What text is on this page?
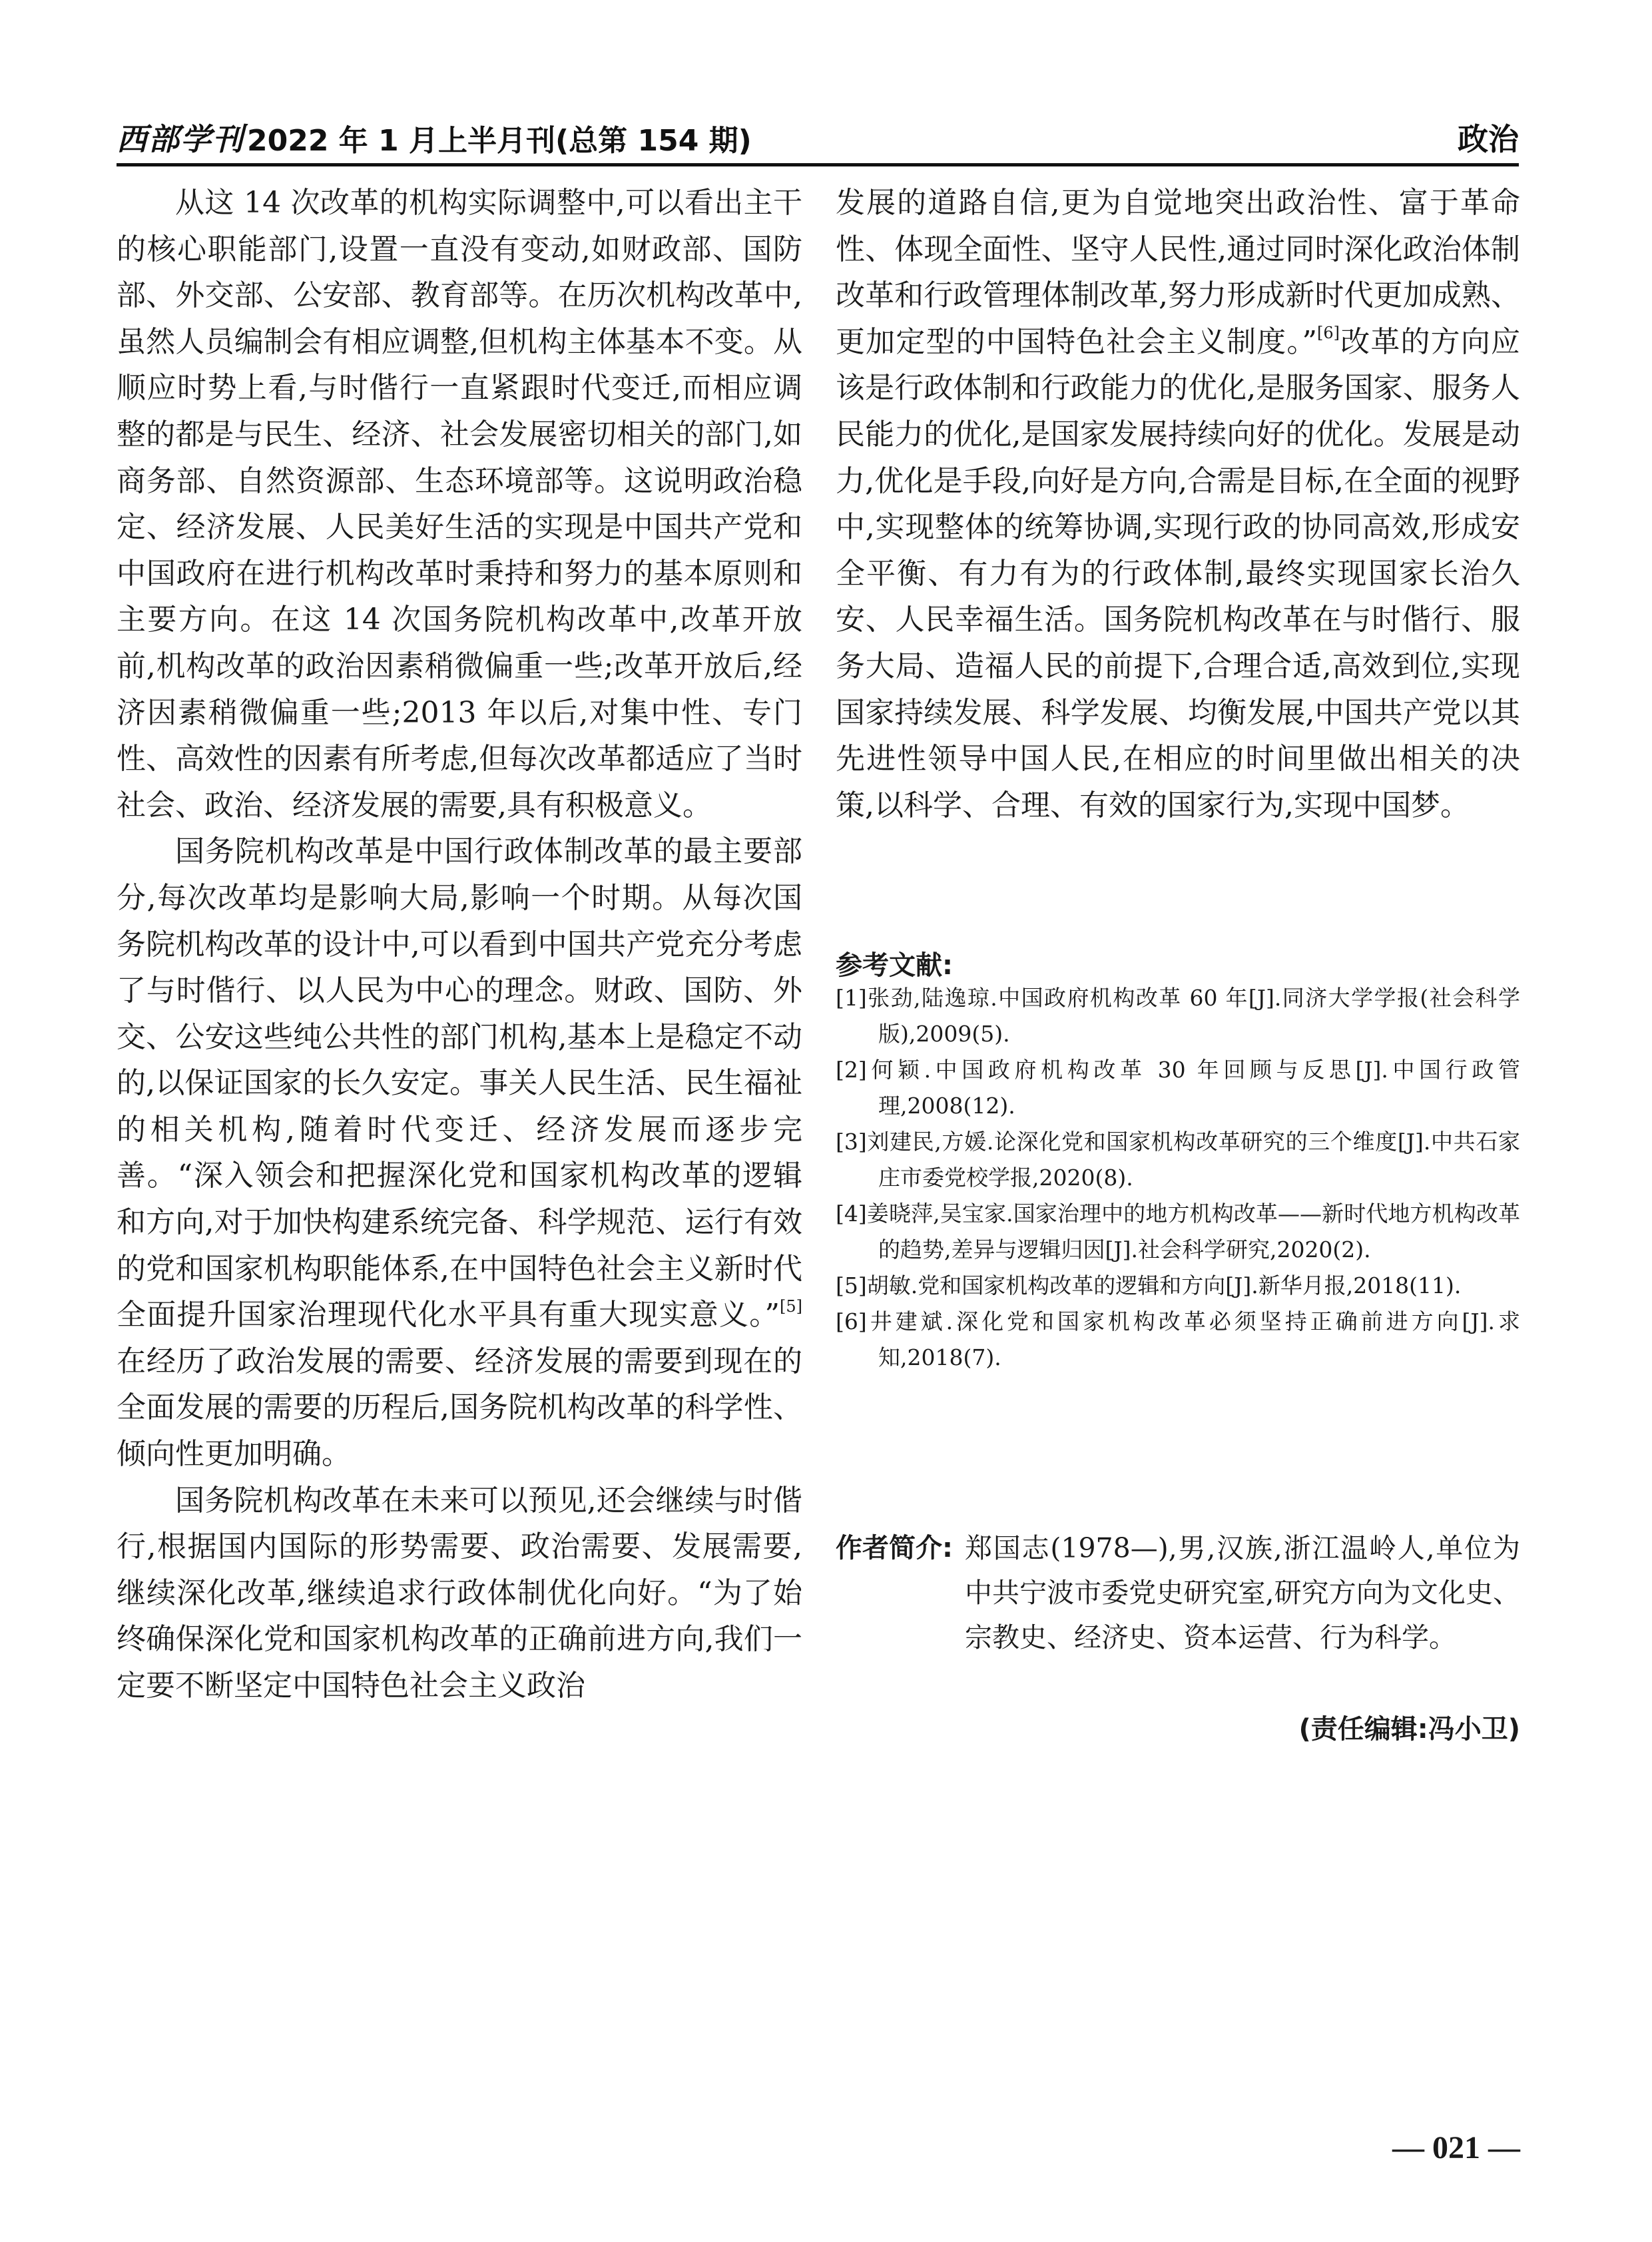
西部学刊 2022 年 1 月上半月刊(总第 154 期)	政治

从这 14 次改革的机构实际调整中,可以看出主干的核心职能部门,设置一直没有变动,如财政部、国防部、外交部、公安部、教育部等。在历次机构改革中,虽然人员编制会有相应调整,但机构主体基本不变。从顺应时势上看,与时偕行一直紧跟时代变迁,而相应调整的都是与民生、经济、社会发展密切相关的部门,如商务部、自然资源部、生态环境部等。这说明政治稳定、经济发展、人民美好生活的实现是中国共产党和中国政府在进行机构改革时秉持和努力的基本原则和主要方向。在这 14 次国务院机构改革中,改革开放前,机构改革的政治因素稍微偏重一些;改革开放后,经济因素稍微偏重一些;2013 年以后,对集中性、专门性、高效性的因素有所考虑,但每次改革都适应了当时社会、政治、经济发展的需要,具有积极意义。

国务院机构改革是中国行政体制改革的最主要部分,每次改革均是影响大局,影响一个时期。从每次国务院机构改革的设计中,可以看到中国共产党充分考虑了与时偕行、以人民为中心的理念。财政、国防、外交、公安这些纯公共性的部门机构,基本上是稳定不动的,以保证国家的长久安定。事关人民生活、民生福祉的相关机构,随着时代变迁、经济发展而逐步完善。“深入领会和把握深化党和国家机构改革的逻辑和方向,对于加快构建系统完备、科学规范、运行有效的党和国家机构职能体系,在中国特色社会主义新时代全面提升国家治理现代化水平具有重大现实意义。”[5]在经历了政治发展的需要、经济发展的需要到现在的全面发展的需要的历程后,国务院机构改革的科学性、倾向性更加明确。

国务院机构改革在未来可以预见,还会继续与时偕行,根据国内国际的形势需要、政治需要、发展需要,继续深化改革,继续追求行政体制优化向好。“为了始终确保深化党和国家机构改革的正确前进方向,我们一定要不断坚定中国特色社会主义政治

发展的道路自信,更为自觉地突出政治性、富于革命性、体现全面性、坚守人民性,通过同时深化政治体制改革和行政管理体制改革,努力形成新时代更加成熟、更加定型的中国特色社会主义制度。”[6]改革的方向应该是行政体制和行政能力的优化,是服务国家、服务人民能力的优化,是国家发展持续向好的优化。发展是动力,优化是手段,向好是方向,合需是目标,在全面的视野中,实现整体的统筹协调,实现行政的协同高效,形成安全平衡、有力有为的行政体制,最终实现国家长治久安、人民幸福生活。国务院机构改革在与时偕行、服务大局、造福人民的前提下,合理合适,高效到位,实现国家持续发展、科学发展、均衡发展,中国共产党以其先进性领导中国人民,在相应的时间里做出相关的决策,以科学、合理、有效的国家行为,实现中国梦。

参考文献:

[1]张劲,陆逸琼.中国政府机构改革 60 年[J].同济大学学报(社会科学版),2009(5).

[2]何颖.中国政府机构改革 30 年回顾与反思[J].中国行政管理,2008(12).

[3]刘建民,方媛.论深化党和国家机构改革研究的三个维度[J].中共石家庄市委党校学报,2020(8).

[4]姜晓萍,吴宝家.国家治理中的地方机构改革——新时代地方机构改革的趋势,差异与逻辑归因[J].社会科学研究,2020(2).

[5]胡敏.党和国家机构改革的逻辑和方向[J].新华月报,2018(11).

[6]井建斌.深化党和国家机构改革必须坚持正确前进方向[J].求知,2018(7).

作者简介: 郑国志(1978—),男,汉族,浙江温岭人,单位为中共宁波市委党史研究室,研究方向为文化史、宗教史、经济史、资本运营、行为科学。
(责任编辑:冯小卫)
— 021 —
